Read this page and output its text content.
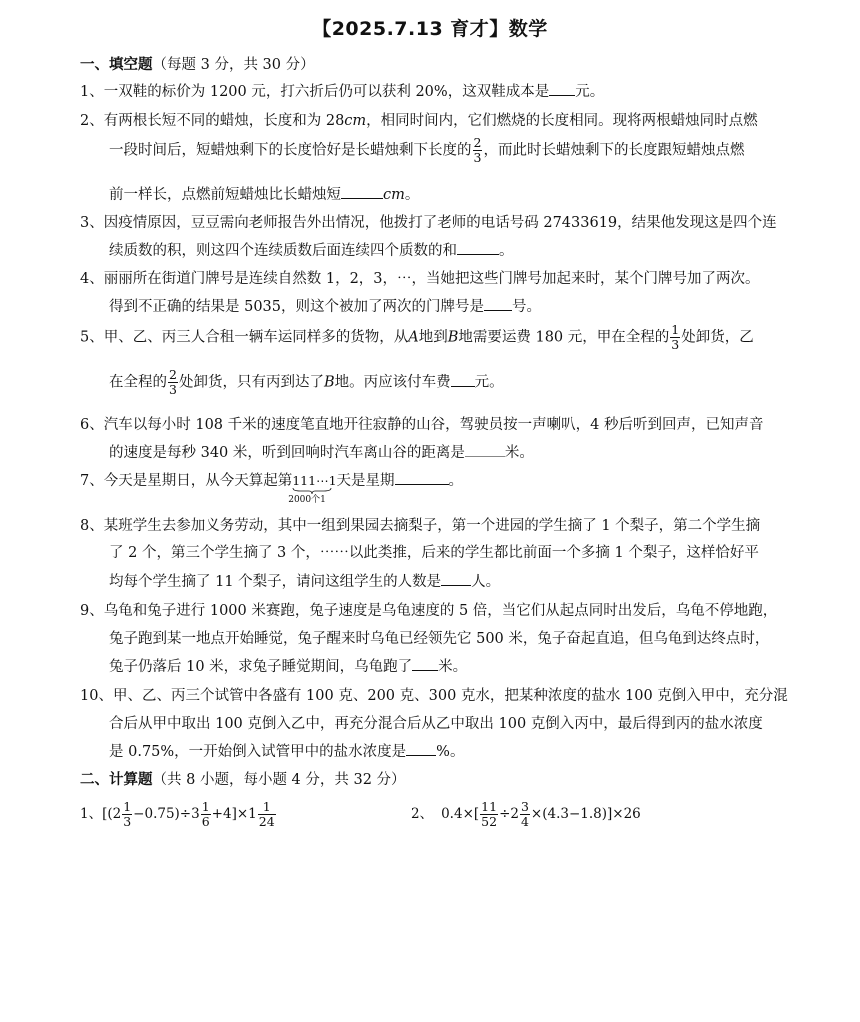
【2025.7.13 育才】数学
一、填空题（每题 3 分，共 30 分）
1、一双鞋的标价为 1200 元，打六折后仍可以获利 20%，这双鞋成本是 元。
2、有两根长短不同的蜡烛，长度和为 28cm，相同时间内，它们燃烧的长度相同。现将两根蜡烛同时点燃
一段时间后，短蜡烛剩下的长度恰好是长蜡烛剩下长度的 $\frac{2}{3}$ ，而此时长蜡烛剩下的长度跟短蜡烛点燃
前一样长，点燃前短蜡烛比长蜡烛短	cm。
3、因疫情原因，豆豆需向老师报告外出情况，他拨打了老师的电话号码 27433619，结果他发现这是四个连
续质数的积，则这四个连续质数后面连续四个质数的和	。
4、丽丽所在街道门牌号是连续自然数 1，2，3，⋯，当她把这些门牌号加起来时，某个门牌号加了两次。
得到不正确的结果是 5035，则这个被加了两次的门牌号是 号。
5、甲、乙、丙三人合租一辆车运同样多的货物，从A地到B地需要运费 180 元，甲在全程的 $\frac{1}{3}$ 处卸货，乙
在全程的 $\frac{2}{3}$ 处卸货，只有丙到达了B地。丙应该付车费 元。
6、汽车以每小时 108 千米的速度笔直地开往寂静的山谷，驾驶员按一声喇叭，4 秒后听到回声，已知声音
的速度是每秒 340 米，听到回响时汽车离山谷的距离是	米。
7、今天是星期日，从今天算起第111⋯1
2000个1
天是星期	。
8、某班学生去参加义务劳动，其中一组到果园去摘梨子，第一个进园的学生摘了 1 个梨子，第二个学生摘
了 2 个，第三个学生摘了 3 个，⋯⋯以此类推，后来的学生都比前面一个多摘 1 个梨子，这样恰好平
均每个学生摘了 11 个梨子，请问这组学生的人数是 人。
9、乌龟和兔子进行 1000 米赛跑，兔子速度是乌龟速度的 5 倍，当它们从起点同时出发后，乌龟不停地跑，
兔子跑到某一地点开始睡觉，兔子醒来时乌龟已经领先它 500 米，兔子奋起直追，但乌龟到达终点时，
兔子仍落后 10 米，求兔子睡觉期间，乌龟跑了 米。
10、甲、乙、丙三个试管中各盛有 100 克、200 克、300 克水，把某种浓度的盐水 100 克倒入甲中，充分混
合后从甲中取出 100 克倒入乙中，再充分混合后从乙中取出 100 克倒入丙中，最后得到丙的盐水浓度
是 0.75%，一开始倒入试管甲中的盐水浓度是 %。
二、计算题（共 8 小题，每小题 4 分，共 32 分）
1、$[(2 \frac{1}{3} -0.75)\div 3 \frac{1}{6} +4]\times 1 \frac{1}{24}$	2、 $0.4\times[ \frac{11}{52} \div 2 \frac{3}{4} \times(4.3-1.8)]\times 26$
